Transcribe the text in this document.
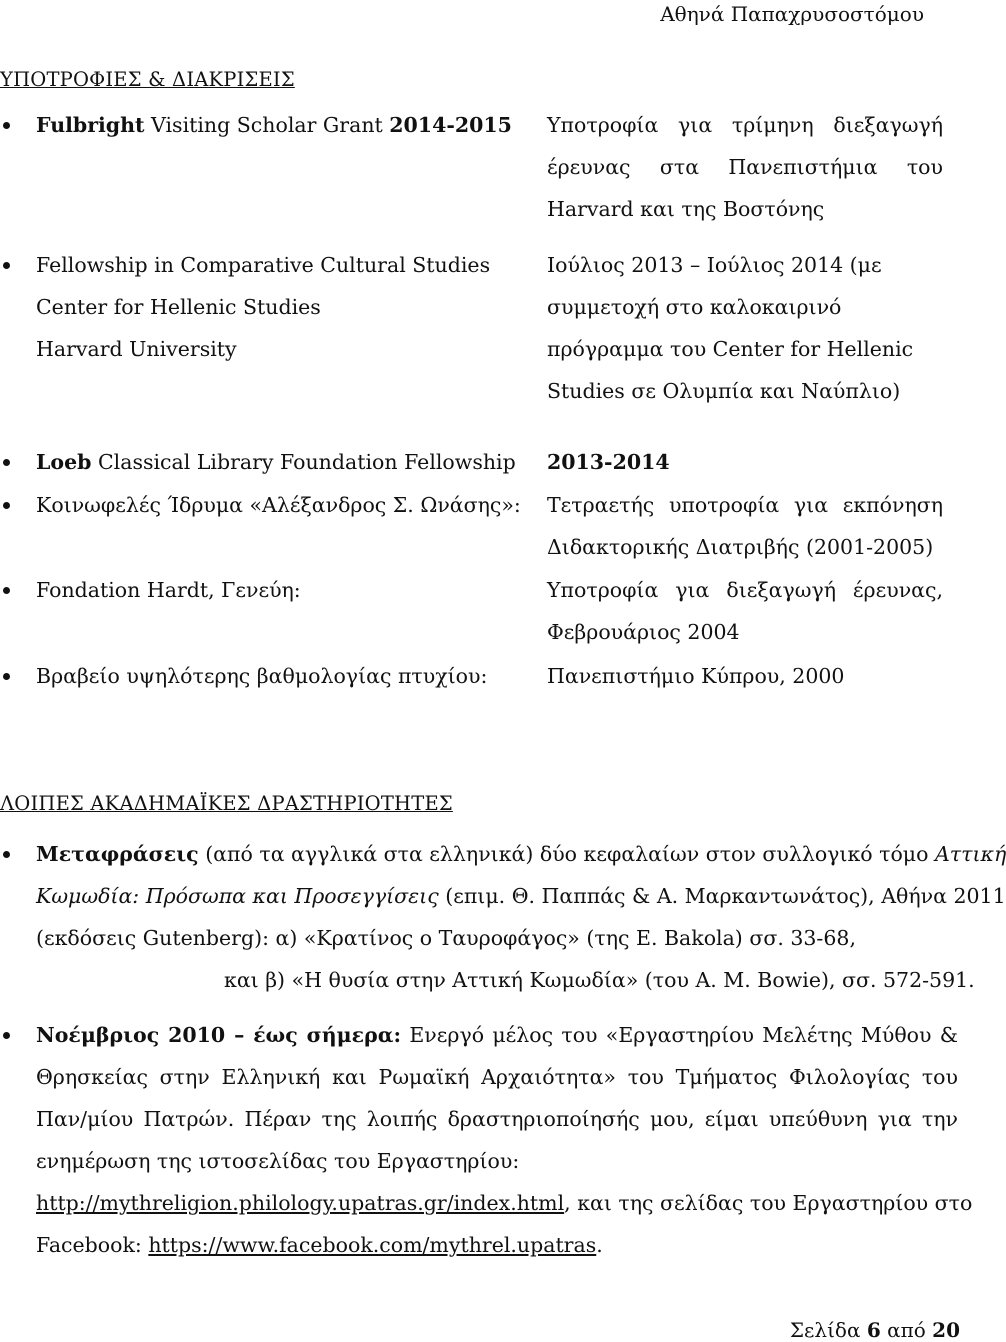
Αθηνά Παπαχρυσοστόμου
ΥΠΟΤΡΟΦΙΕΣ & ΔΙΑΚΡΙΣΕΙΣ
Fulbright Visiting Scholar Grant 2014-2015 Υποτροφία για τρίμηνη διεξαγωγή
έρευνας στα Πανεπιστήμια του
Harvard και της Βοστόνης
Fellowship in Comparative Cultural Studies
Center for Hellenic Studies
Harvard University
Ιούλιος 2013 – Ιούλιος 2014 (με
συμμετοχή στο καλοκαιρινό
πρόγραμμα του Center for Hellenic
Studies σε Ολυμπία και Ναύπλιο)
Loeb Classical Library Foundation Fellowship 2013-2014
Κοινωφελές Ίδρυμα «Αλέξανδρος Σ. Ωνάσης»: Τετραετής υποτροφία για εκπόνηση
Διδακτορικής Διατριβής (2001-2005)
Fondation Hardt, Γενεύη:	Υποτροφία για διεξαγωγή έρευνας,
Φεβρουάριος 2004
Βραβείο υψηλότερης βαθμολογίας πτυχίου:	Πανεπιστήμιο Κύπρου, 2000
ΛΟΙΠΕΣ ΑΚΑΔΗΜΑΪΚΕΣ ΔΡΑΣΤΗΡΙΟΤΗΤΕΣ
Μεταφράσεις (από τα αγγλικά στα ελληνικά) δύο κεφαλαίων στον συλλογικό τόμο Αττική
Κωμωδία: Πρόσωπα και Προσεγγίσεις (επιμ. Θ. Παππάς & Α. Μαρκαντωνάτος), Αθήνα 2011
(εκδόσεις Gutenberg): α) «Κρατίνος ο Ταυροφάγος» (της E. Bakola) σσ. 33-68,
και β) «Η θυσία στην Αττική Κωμωδία» (του A. M. Bowie), σσ. 572-591.
Νοέμβριος 2010 – έως σήμερα: Ενεργό μέλος του «Εργαστηρίου Μελέτης Μύθου &
Θρησκείας στην Ελληνική και Ρωμαϊκή Αρχαιότητα» του Τμήματος Φιλολογίας του
Παν/μίου Πατρών. Πέραν της λοιπής δραστηριοποίησής μου, είμαι υπεύθυνη για την
ενημέρωση της ιστοσελίδας του Εργαστηρίου:
http://mythreligion.philology.upatras.gr/index.html, και της σελίδας του Εργαστηρίου στο
Facebook: https://www.facebook.com/mythrel.upatras.
Σελίδα 6 από 20
